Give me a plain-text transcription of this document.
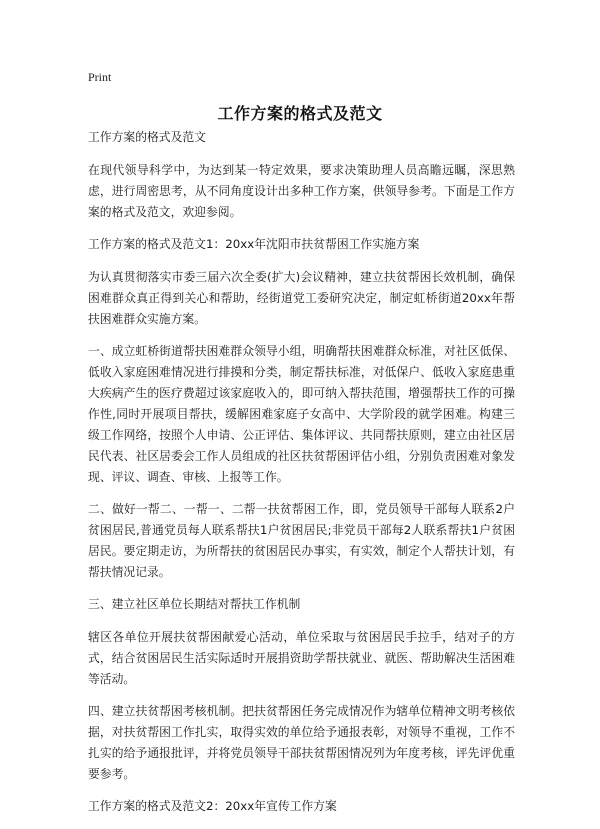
Print
工作方案的格式及范文

工作方案的格式及范文

在现代领导科学中，为达到某一特定效果，要求决策助理人员高瞻远瞩，深思熟虑，进行周密思考，从不同角度设计出多种工作方案，供领导参考。下面是工作方案的格式及范文，欢迎参阅。

工作方案的格式及范文1：20xx年沈阳市扶贫帮困工作实施方案

为认真贯彻落实市委三届六次全委(扩大)会议精神，建立扶贫帮困长效机制，确保困难群众真正得到关心和帮助，经街道党工委研究决定，制定虹桥街道20xx年帮扶困难群众实施方案。

一、成立虹桥街道帮扶困难群众领导小组，明确帮扶困难群众标准，对社区低保、低收入家庭困难情况进行排摸和分类，制定帮扶标准，对低保户、低收入家庭患重大疾病产生的医疗费超过该家庭收入的，即可纳入帮扶范围，增强帮扶工作的可操作性,同时开展项目帮扶，缓解困难家庭子女高中、大学阶段的就学困难。构建三级工作网络，按照个人申请、公正评估、集体评议、共同帮扶原则，建立由社区居民代表、社区居委会工作人员组成的社区扶贫帮困评估小组，分别负责困难对象发现、评议、调查、审核、上报等工作。

二、做好一帮二、一帮一、二帮一扶贫帮困工作，即，党员领导干部每人联系2户贫困居民,普通党员每人联系帮扶1户贫困居民;非党员干部每2人联系帮扶1户贫困居民。要定期走访，为所帮扶的贫困居民办事实，有实效，制定个人帮扶计划，有帮扶情况记录。

三、建立社区单位长期结对帮扶工作机制

辖区各单位开展扶贫帮困献爱心活动，单位采取与贫困居民手拉手，结对子的方式，结合贫困居民生活实际适时开展捐资助学帮扶就业、就医、帮助解决生活困难等活动。

四、建立扶贫帮困考核机制。把扶贫帮困任务完成情况作为辖单位精神文明考核依据，对扶贫帮困工作扎实，取得实效的单位给予通报表彰，对领导不重视，工作不扎实的给予通报批评，并将党员领导干部扶贫帮困情况列为年度考核，评先评优重要参考。

工作方案的格式及范文2：20xx年宣传工作方案
